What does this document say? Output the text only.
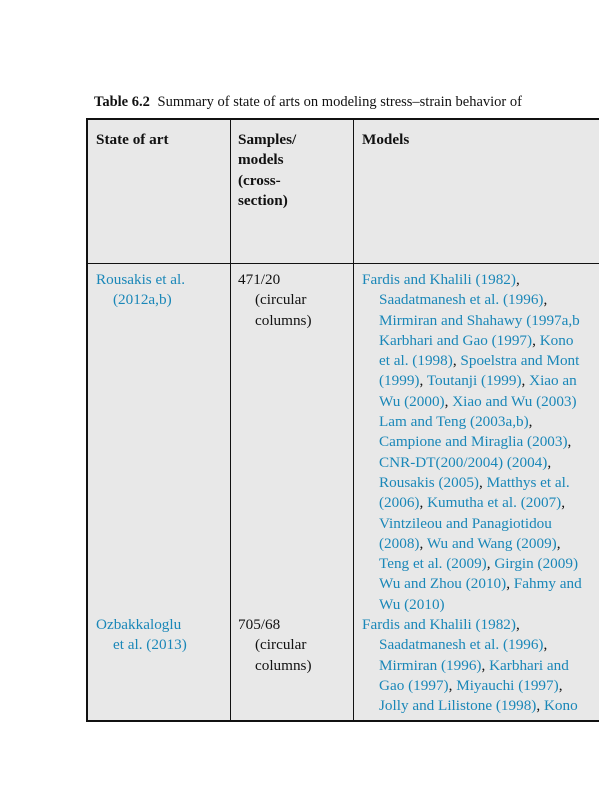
Table 6.2 Summary of state of arts on modeling stress–strain behavior of
State of art	Samples/
models
(cross-
section)
Models
Rousakis et al.
(2012a,b)
471/20
(circular
columns)
Fardis and Khalili (1982),
Saadatmanesh et al. (1996),
Mirmiran and Shahawy (1997a,b
Karbhari and Gao (1997), Kono
et al. (1998), Spoelstra and Mont
(1999), Toutanji (1999), Xiao an
Wu (2000), Xiao and Wu (2003)
Lam and Teng (2003a,b),
Campione and Miraglia (2003),
CNR-DT(200/2004) (2004),
Rousakis (2005), Matthys et al.
(2006), Kumutha et al. (2007),
Vintzileou and Panagiotidou
(2008), Wu and Wang (2009),
Teng et al. (2009), Girgin (2009)
Wu and Zhou (2010), Fahmy and
Wu (2010)
Ozbakkaloglu
et al. (2013)
705/68
(circular
columns)
Fardis and Khalili (1982),
Saadatmanesh et al. (1996),
Mirmiran (1996), Karbhari and
Gao (1997), Miyauchi (1997),
Jolly and Lilistone (1998), Kono
